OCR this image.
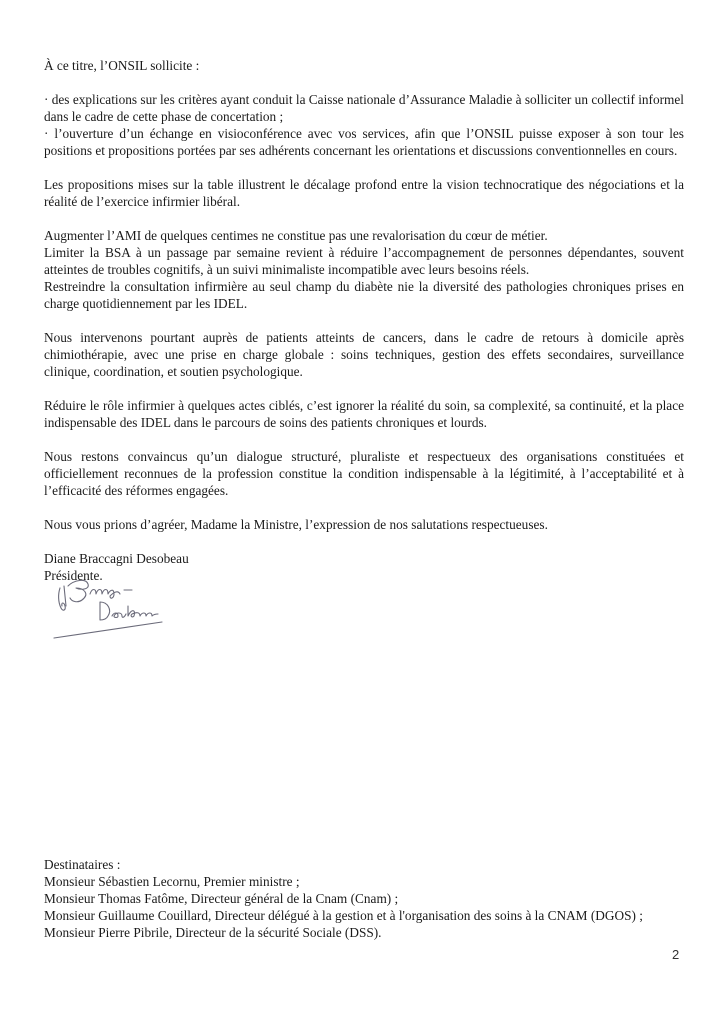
À ce titre, l’ONSIL sollicite :

· des explications sur les critères ayant conduit la Caisse nationale d’Assurance Maladie à solliciter un collectif informel dans le cadre de cette phase de concertation ;
· l’ouverture d’un échange en visioconférence avec vos services, afin que l’ONSIL puisse exposer à son tour les positions et propositions portées par ses adhérents concernant les orientations et discussions conventionnelles en cours.

Les propositions mises sur la table illustrent le décalage profond entre la vision technocratique des négociations et la réalité de l’exercice infirmier libéral.

Augmenter l’AMI de quelques centimes ne constitue pas une revalorisation du cœur de métier.
Limiter la BSA à un passage par semaine revient à réduire l’accompagnement de personnes dépendantes, souvent atteintes de troubles cognitifs, à un suivi minimaliste incompatible avec leurs besoins réels.
Restreindre la consultation infirmière au seul champ du diabète nie la diversité des pathologies chroniques prises en charge quotidiennement par les IDEL.

Nous intervenons pourtant auprès de patients atteints de cancers, dans le cadre de retours à domicile après chimiothérapie, avec une prise en charge globale : soins techniques, gestion des effets secondaires, surveillance clinique, coordination, et soutien psychologique.

Réduire le rôle infirmier à quelques actes ciblés, c’est ignorer la réalité du soin, sa complexité, sa continuité, et la place indispensable des IDEL dans le parcours de soins des patients chroniques et lourds.

Nous restons convaincus qu’un dialogue structuré, pluraliste et respectueux des organisations constituées et officiellement reconnues de la profession constitue la condition indispensable à la légitimité, à l’acceptabilité et à l’efficacité des réformes engagées.

Nous vous prions d’agréer, Madame la Ministre, l’expression de nos salutations respectueuses.

Diane Braccagni Desobeau
Présidente.

Destinataires :
Monsieur Sébastien Lecornu, Premier ministre ;
Monsieur Thomas Fatôme, Directeur général de la Cnam (Cnam) ;
Monsieur Guillaume Couillard, Directeur délégué à la gestion et à l'organisation des soins à la CNAM (DGOS) ;
Monsieur Pierre Pibrile, Directeur de la sécurité Sociale (DSS).
2
